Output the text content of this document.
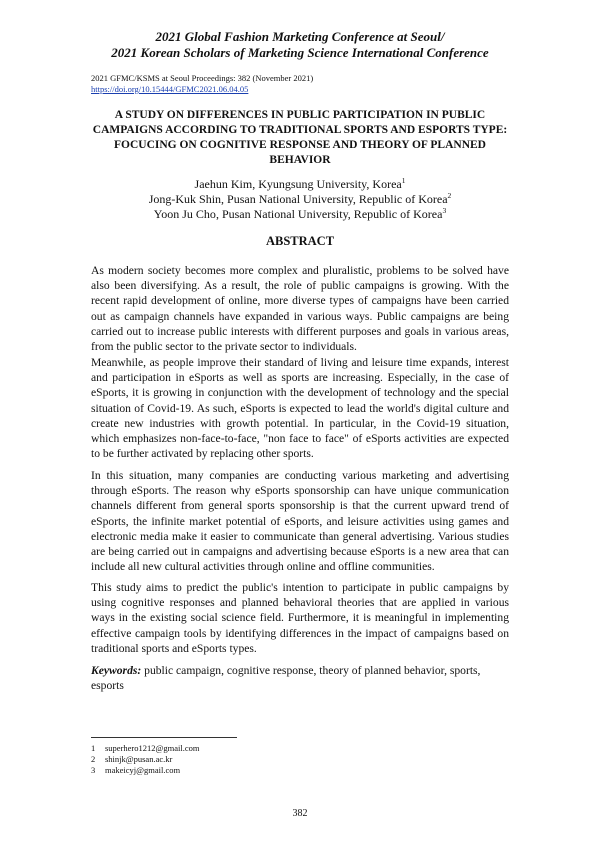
2021 Global Fashion Marketing Conference at Seoul/
2021 Korean Scholars of Marketing Science International Conference
2021 GFMC/KSMS at Seoul Proceedings: 382 (November 2021)
https://doi.org/10.15444/GFMC2021.06.04.05
A STUDY ON DIFFERENCES IN PUBLIC PARTICIPATION IN PUBLIC CAMPAIGNS ACCORDING TO TRADITIONAL SPORTS AND ESPORTS TYPE: FOCUCING ON COGNITIVE RESPONSE AND THEORY OF PLANNED BEHAVIOR
Jaehun Kim, Kyungsung University, Korea$^1$
Jong-Kuk Shin, Pusan National University, Republic of Korea$^2$
Yoon Ju Cho, Pusan National University, Republic of Korea$^3$
ABSTRACT

As modern society becomes more complex and pluralistic, problems to be solved have also been diversifying. As a result, the role of public campaigns is growing. With the recent rapid development of online, more diverse types of campaigns have been carried out as campaign channels have expanded in various ways. Public campaigns are being carried out to increase public interests with different purposes and goals in various areas, from the public sector to the private sector to individuals.

Meanwhile, as people improve their standard of living and leisure time expands, interest and participation in eSports as well as sports are increasing. Especially, in the case of eSports, it is growing in conjunction with the development of technology and the special situation of Covid-19. As such, eSports is expected to lead the world's digital culture and create new industries with growth potential. In particular, in the Covid-19 situation, which emphasizes non-face-to-face, "non face to face" of eSports activities are expected to be further activated by replacing other sports.

In this situation, many companies are conducting various marketing and advertising through eSports. The reason why eSports sponsorship can have unique communication channels different from general sports sponsorship is that the current upward trend of eSports, the infinite market potential of eSports, and leisure activities using games and electronic media make it easier to communicate than general advertising. Various studies are being carried out in campaigns and advertising because eSports is a new area that can include all new cultural activities through online and offline communities.

This study aims to predict the public's intention to participate in public campaigns by using cognitive responses and planned behavioral theories that are applied in various ways in the existing social science field. Furthermore, it is meaningful in implementing effective campaign tools by identifying differences in the impact of campaigns based on traditional sports and eSports types.

Keywords: public campaign, cognitive response, theory of planned behavior, sports, esports

1 superhero1212@gmail.com
2 shinjk@pusan.ac.kr
3 makeicyj@gmail.com
382
